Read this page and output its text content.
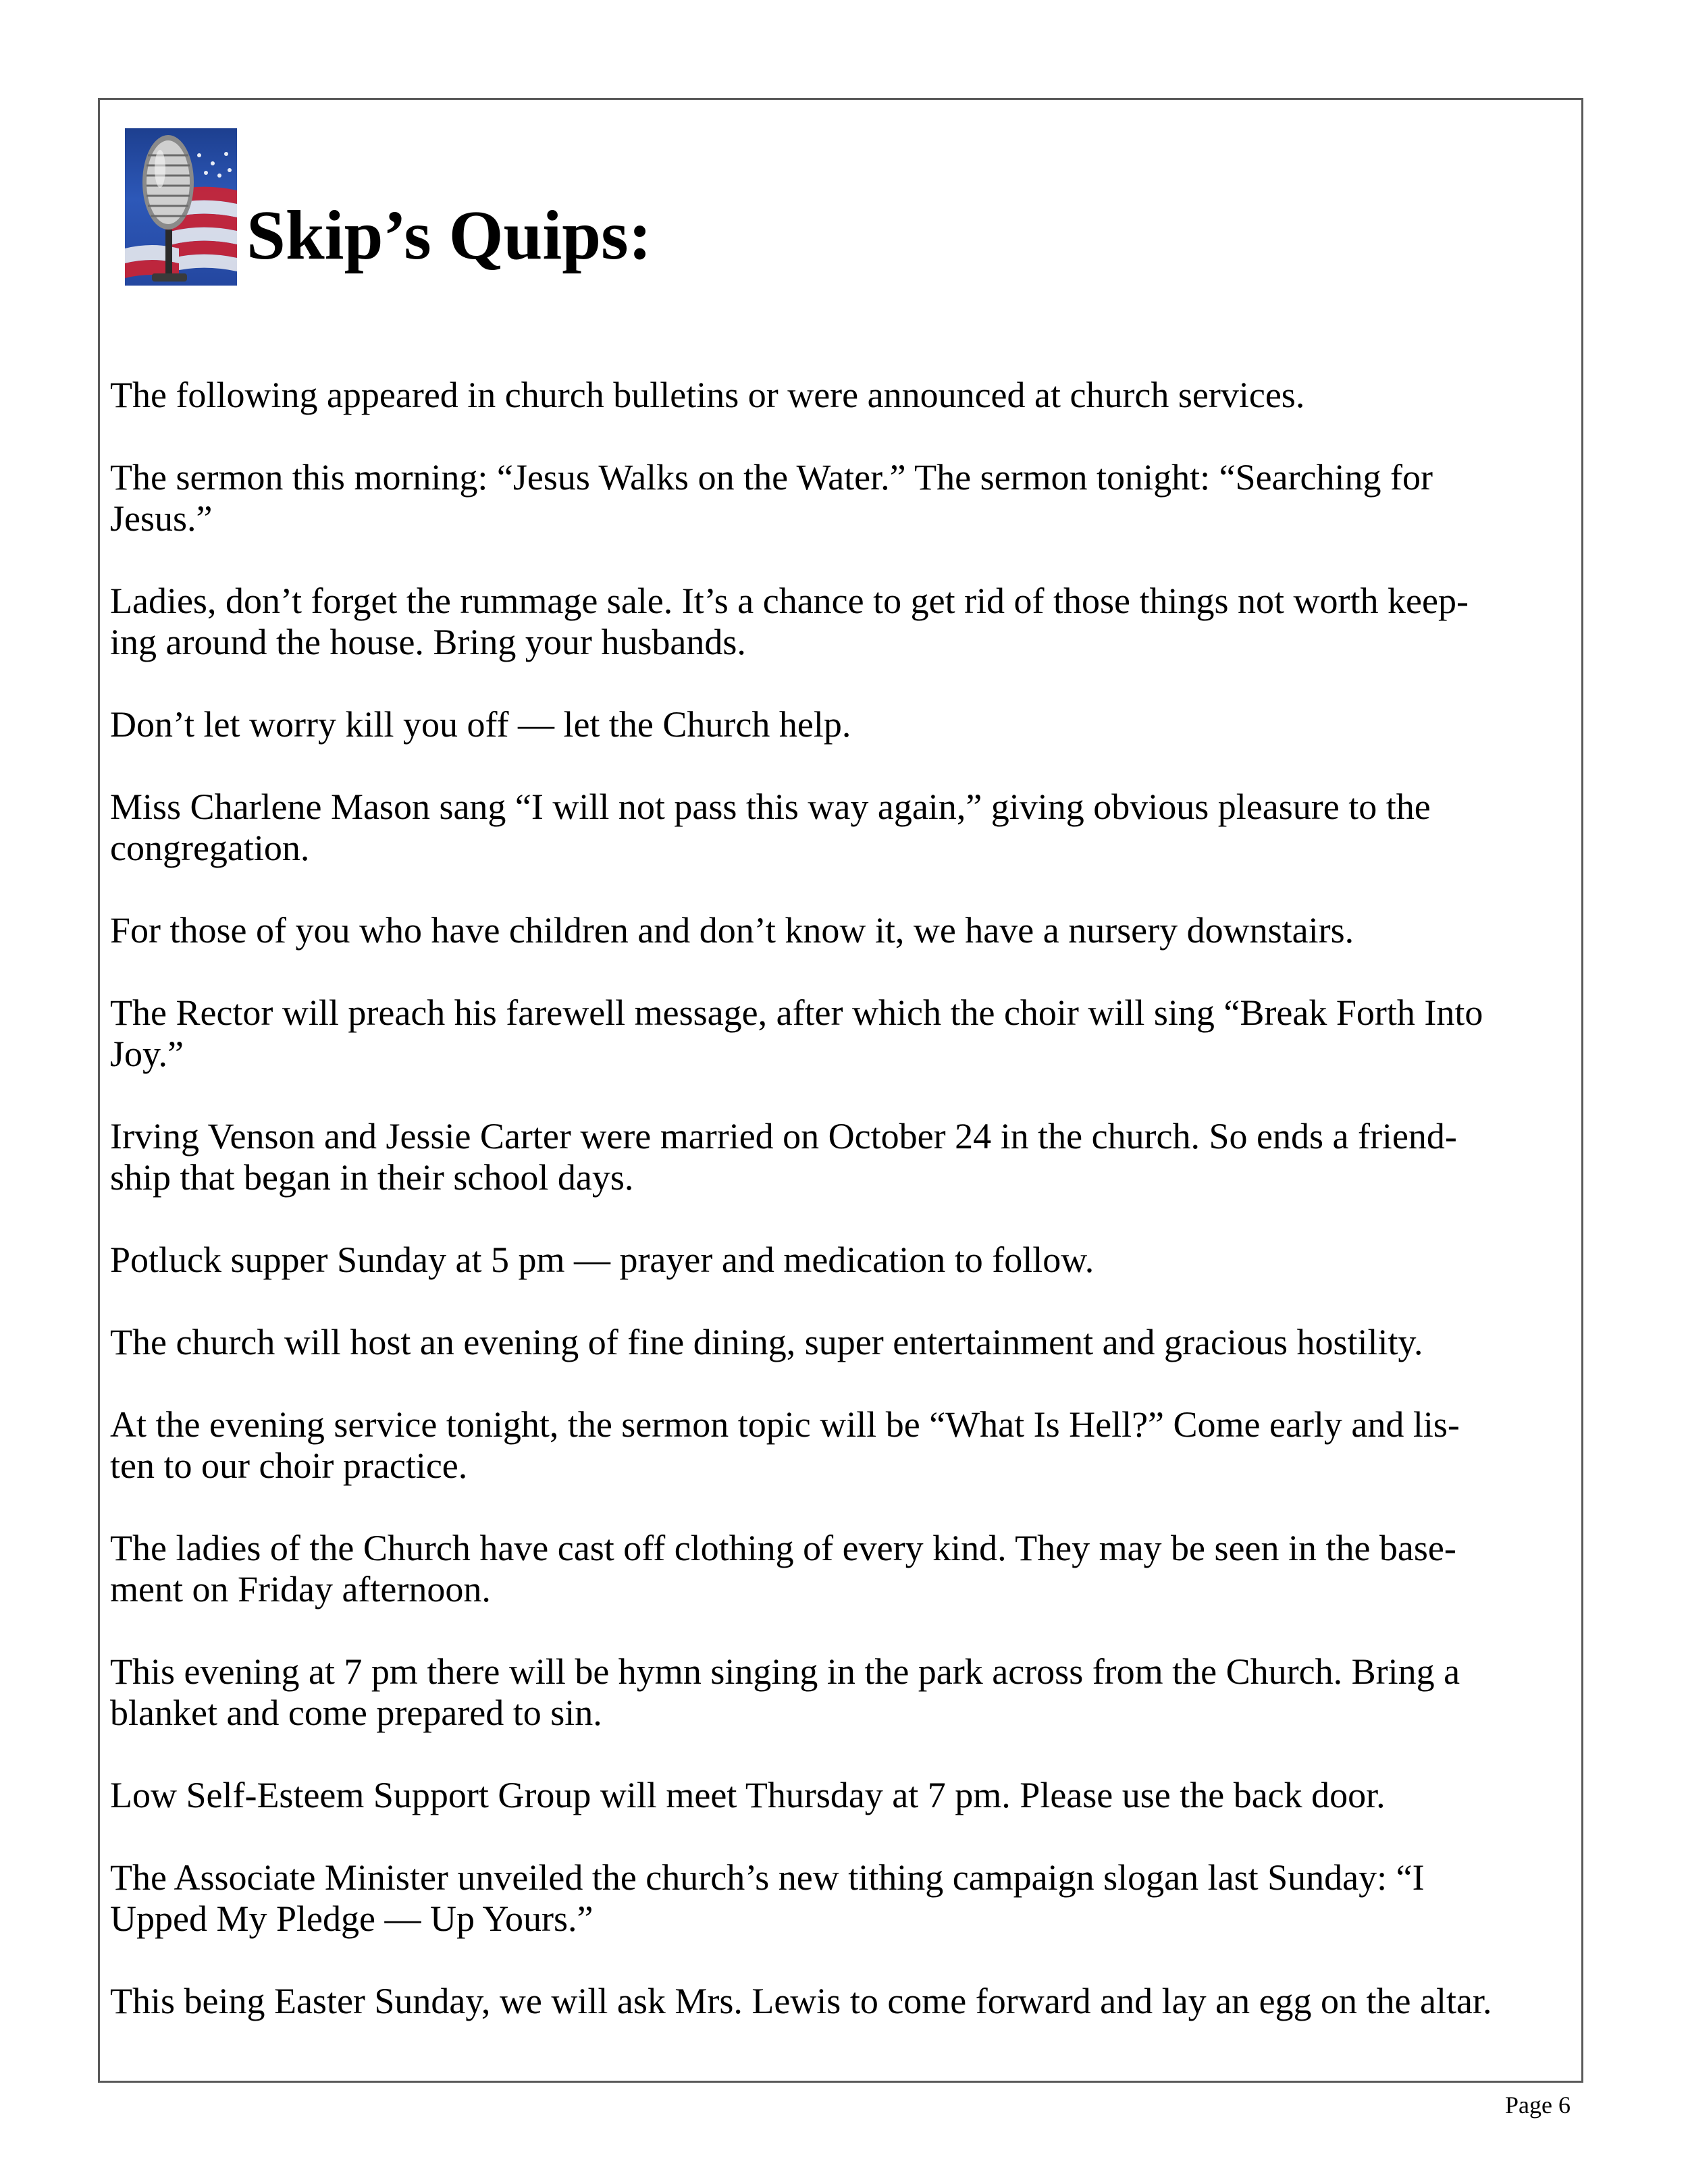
Skip’s Quips:

The following appeared in church bulletins or were announced at church services.

The sermon this morning: “Jesus Walks on the Water.” The sermon tonight: “Searching for
Jesus.”

Ladies, don’t forget the rummage sale. It’s a chance to get rid of those things not worth keep-
ing around the house. Bring your husbands.

Don’t let worry kill you off — let the Church help.

Miss Charlene Mason sang “I will not pass this way again,” giving obvious pleasure to the
congregation.

For those of you who have children and don’t know it, we have a nursery downstairs.

The Rector will preach his farewell message, after which the choir will sing “Break Forth Into
Joy.”

Irving Venson and Jessie Carter were married on October 24 in the church. So ends a friend-
ship that began in their school days.

Potluck supper Sunday at 5 pm — prayer and medication to follow.

The church will host an evening of fine dining, super entertainment and gracious hostility.

At the evening service tonight, the sermon topic will be “What Is Hell?” Come early and lis-
ten to our choir practice.

The ladies of the Church have cast off clothing of every kind. They may be seen in the base-
ment on Friday afternoon.

This evening at 7 pm there will be hymn singing in the park across from the Church. Bring a
blanket and come prepared to sin.

Low Self-Esteem Support Group will meet Thursday at 7 pm. Please use the back door.

The Associate Minister unveiled the church’s new tithing campaign slogan last Sunday: “I
Upped My Pledge — Up Yours.”

This being Easter Sunday, we will ask Mrs. Lewis to come forward and lay an egg on the altar.

Page 6
